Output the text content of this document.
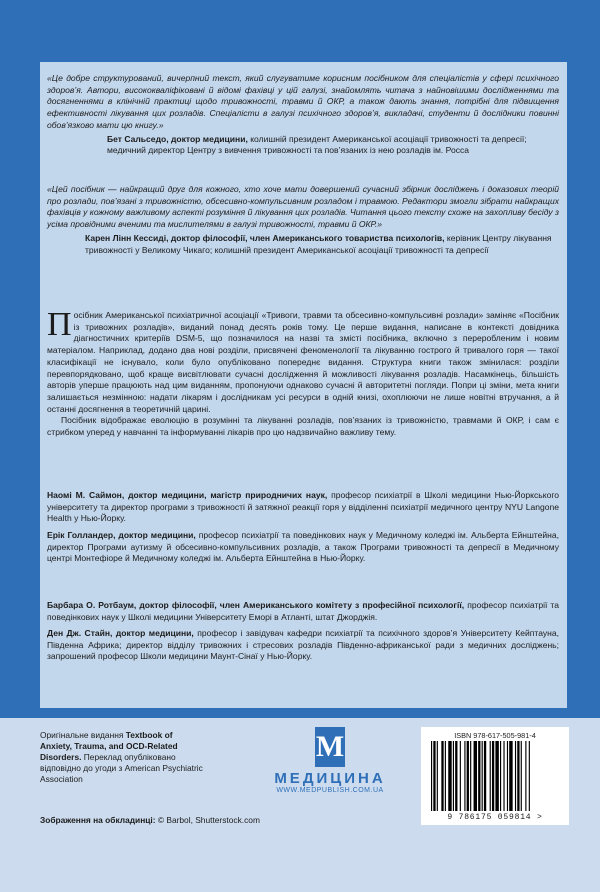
«Це добре структурований, вичерпний текст, який слугуватиме корисним посібником для спеціалістів у сфері психічного здоров’я. Автори, висококваліфіковані й відомі фахівці у цій галузі, знайомлять читача з найновішими дослідженнями та досягненнями в клінічній практиці щодо тривожності, травми й ОКР, а також дають знання, потрібні для підвищення ефективності лікування цих розладів. Спеціалісти в галузі психічного здоров’я, викладачі, студенти й дослідники повинні обов’язково мати цю книгу.»
Бет Сальседо, доктор медицини, колишній президент Американської асоціації тривожності та депресії; медичний директор Центру з вивчення тривожності та пов’язаних із нею розладів ім. Росса
«Цей посібник — найкращий друг для кожного, хто хоче мати довершений сучасний збірник досліджень і доказових теорій про розлади, пов’язані з тривожністю, обсесивно-компульсивним розладом і травмою. Редактори змогли зібрати найкращих фахівців у кожному важливому аспекті розуміння й лікування цих розладів. Читання цього тексту схоже на захопливу бесіду з усіма провідними вченими та мислителями в галузі тривожності, травми й ОКР.»
Карен Лінн Кессиді, доктор філософії, член Американського товариства психологів, керівник Центру лікування тривожності у Великому Чикаго; колишній президент Американської асоціації тривожності та депресії

Посібник Американської психіатричної асоціації «Тривоги, травми та обсесивно-компульсивні розлади» заміняє «Посібник із тривожних розладів», виданий понад десять років тому. Це перше видання, написане в контексті довідника діагностичних критеріїв DSM-5, що позначилося на назві та змісті посібника, включно з переробленим і новим матеріалом. Наприклад, додано два нові розділи, присвячені феноменології та лікуванню гострого й тривалого горя — такої класифікації не існувало, коли було опубліковано попереднє видання. Структура книги також змінилася: розділи перевпорядковано, щоб краще висвітлювати сучасні дослідження й можливості лікування розладів. Насамкінець, більшість авторів уперше працюють над цим виданням, пропонуючи однаково сучасні й авторитетні погляди. Попри ці зміни, мета книги залишається незмінною: надати лікарям і дослідникам усі ресурси в одній книзі, охоплюючи не лише новітні втручання, а й останні досягнення в теоретичній царині.

Посібник відображає еволюцію в розумінні та лікуванні розладів, пов’язаних із тривожністю, травмами й ОКР, і сам є стрибком уперед у навчанні та інформуванні лікарів про цю надзвичайно важливу тему.

Наомі М. Саймон, доктор медицини, магістр природничих наук, професор психіатрії в Школі медицини Нью-Йоркського університету та директор програми з тривожності й затяжної реакції горя у відділенні психіатрії медичного центру NYU Langone Health у Нью-Йорку.
Ерік Голландер, доктор медицини, професор психіатрії та поведінкових наук у Медичному коледжі ім. Альберта Ейнштейна, директор Програми аутизму й обсесивно-компульсивних розладів, а також Програми тривожності та депресії в Медичному центрі Монтефіоре й Медичному коледжі ім. Альберта Ейнштейна в Нью-Йорку.
Барбара О. Ротбаум, доктор філософії, член Американського комітету з професійної психології, професор психіатрії та поведінкових наук у Школі медицини Університету Еморі в Атланті, штат Джорджія.
Ден Дж. Стайн, доктор медицини, професор і завідувач кафедри психіатрії та психічного здоров’я Університету Кейптауна, Південна Африка; директор відділу тривожних і стресових розладів Південно-африканської ради з медичних досліджень; запрошений професор Школи медицини Маунт-Сінаї у Нью-Йорку.
Оригінальне видання Textbook of Anxiety, Trauma, and OCD-Related Disorders. Переклад опубліковано відповідно до угоди з American Psychiatric Association
Зображення на обкладинці: © Barbol, Shutterstock.com
М
МЕДИЦИНА
WWW.MEDPUBLISH.COM.UA
ISBN 978-617-505-981-4
9 786175 059814 >
